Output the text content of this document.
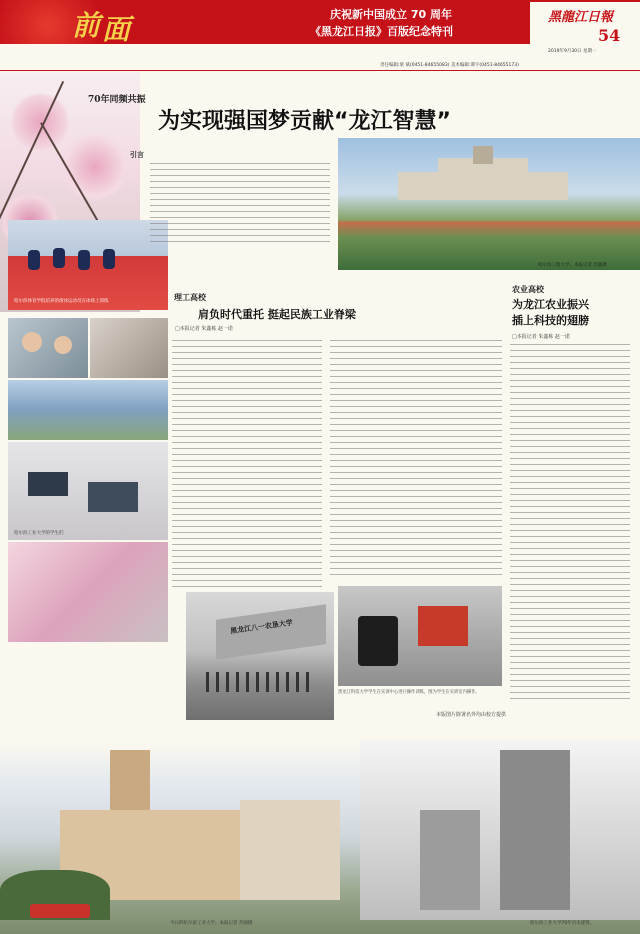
前 面	庆祝新中国成立 70 周年
《黑龙江日报》百版纪念特刊
黑龍江日報
54
2019年9月30日 星期一
责任编辑:梁 斌(0451-84655083) 美术编辑:谭宇(0451-84655173)
哈尔滨体育学院培养的滑冰运动员在冰场上训练
70年同频共振
为实现强国梦贡献“龙江智慧”
引言
哈尔滨工程大学。本报记者 苏强摄
农业高校
为龙江农业振兴
插上科技的翅膀
□本报记者 朱鑫栋 赵一诺
理工高校
肩负时代重托 挺起民族工业脊梁
□本报记者 朱鑫栋 赵一诺
哈尔滨工业大学的学生们
黑龙江八一农垦大学
黑龙江科技大学学生在实训中心进行操作训练，图为学生在实训室内操作。
本版图片除署名外均由校方提供
今日的哈尔滨工业大学。本报记者 苏强摄	哈尔滨工业大学70年历史建筑。
